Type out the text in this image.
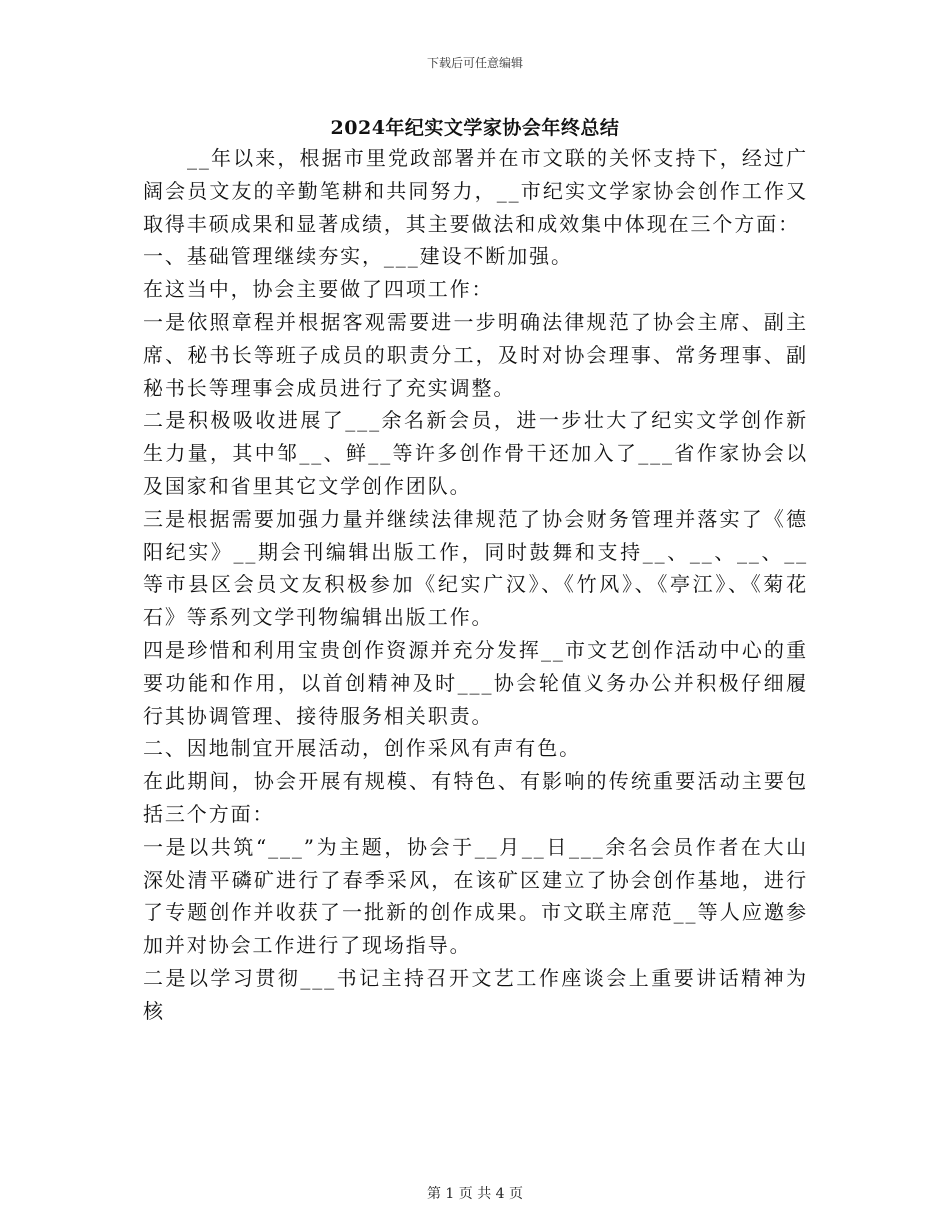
下载后可任意编辑
2024年纪实文学家协会年终总结

__年以来，根据市里党政部署并在市文联的关怀支持下，经过广阔会员文友的辛勤笔耕和共同努力，__市纪实文学家协会创作工作又取得丰硕成果和显著成绩，其主要做法和成效集中体现在三个方面：

一、基础管理继续夯实，___建设不断加强。

在这当中，协会主要做了四项工作：

一是依照章程并根据客观需要进一步明确法律规范了协会主席、副主席、秘书长等班子成员的职责分工，及时对协会理事、常务理事、副秘书长等理事会成员进行了充实调整。

二是积极吸收进展了___余名新会员，进一步壮大了纪实文学创作新生力量，其中邹__、鲜__等许多创作骨干还加入了___省作家协会以及国家和省里其它文学创作团队。

三是根据需要加强力量并继续法律规范了协会财务管理并落实了《德阳纪实》__期会刊编辑出版工作，同时鼓舞和支持__、__、__、__等市县区会员文友积极参加《纪实广汉》、《竹风》、《亭江》、《菊花石》等系列文学刊物编辑出版工作。

四是珍惜和利用宝贵创作资源并充分发挥__市文艺创作活动中心的重要功能和作用，以首创精神及时___协会轮值义务办公并积极仔细履行其协调管理、接待服务相关职责。

二、因地制宜开展活动，创作采风有声有色。

在此期间，协会开展有规模、有特色、有影响的传统重要活动主要包括三个方面：

一是以共筑“___”为主题，协会于__月__日___余名会员作者在大山深处清平磷矿进行了春季采风，在该矿区建立了协会创作基地，进行了专题创作并收获了一批新的创作成果。市文联主席范__等人应邀参加并对协会工作进行了现场指导。

二是以学习贯彻___书记主持召开文艺工作座谈会上重要讲话精神为核

第 1 页 共 4 页
